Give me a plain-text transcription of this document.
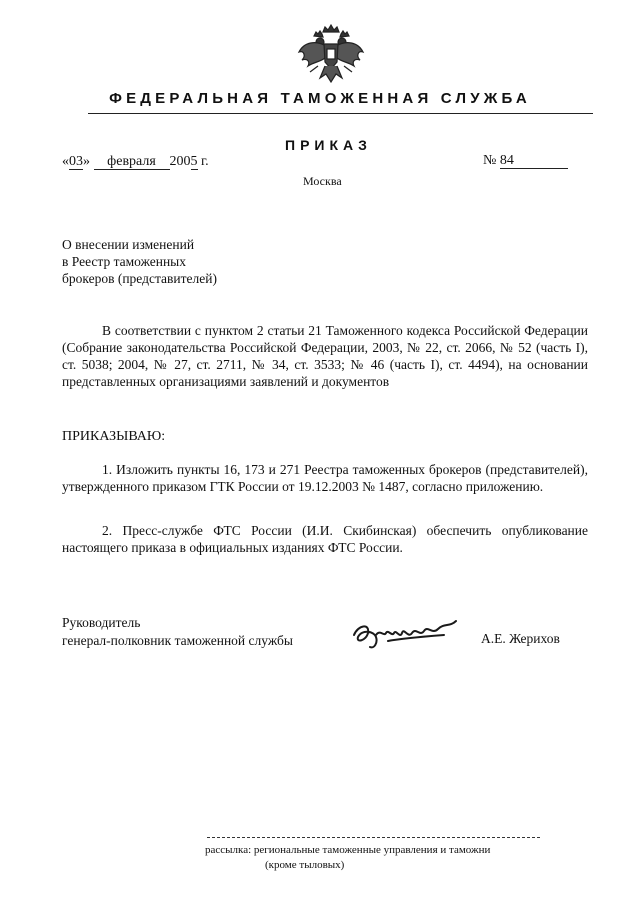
ФЕДЕРАЛЬНАЯ ТАМОЖЕННАЯ СЛУЖБА
ПРИКАЗ
«03» февраля 2005 г.	№ 84
Москва
О внесении изменений
в Реестр таможенных
брокеров (представителей)

В соответствии с пунктом 2 статьи 21 Таможенного кодекса Российской Федерации (Собрание законодательства Российской Федерации, 2003, № 22, ст. 2066, № 52 (часть I), ст. 5038; 2004, № 27, ст. 2711, № 34, ст. 3533; № 46 (часть I), ст. 4494), на основании представленных организациями заявлений и документов

ПРИКАЗЫВАЮ:

1. Изложить пункты 16, 173 и 271 Реестра таможенных брокеров (представителей), утвержденного приказом ГТК России от 19.12.2003 № 1487, согласно приложению.

2. Пресс-службе ФТС России (И.И. Скибинская) обеспечить опубликование настоящего приказа в официальных изданиях ФТС России.

Руководитель
генерал-полковник таможенной службы	А.Е. Жерихов
рассылка: региональные таможенные управления и таможни
(кроме тыловых)
